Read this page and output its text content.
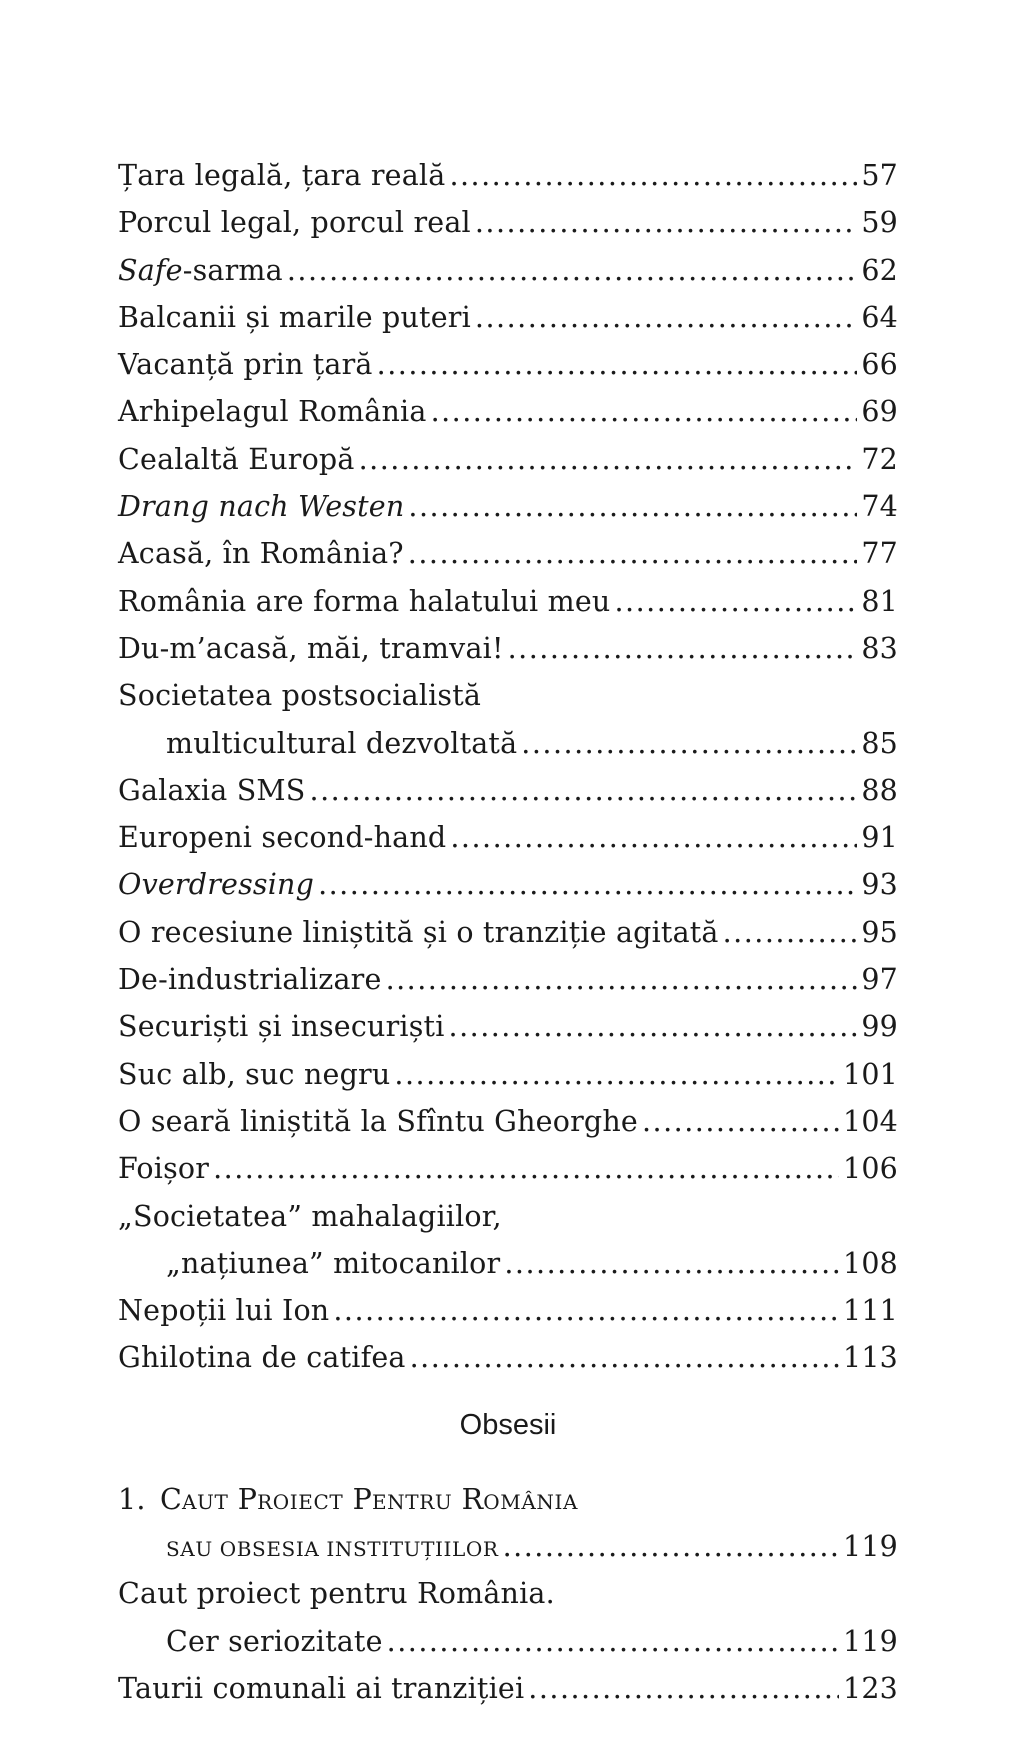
Țara legală, țara reală .....	57
Porcul legal, porcul real .....	59
Safe-sarma .....	62
Balcanii și marile puteri .....	64
Vacanță prin țară .....	66
Arhipelagul România .....	69
Cealaltă Europă .....	72
Drang nach Westen .....	74
Acasă, în România? .....	77
România are forma halatului meu .....	81
Du-m’acasă, măi, tramvai! .....	83
Societatea postsocialistă
multicultural dezvoltată .....	85
Galaxia SMS .....	88
Europeni second-hand .....	91
Overdressing .....	93
O recesiune liniștită și o tranziție agitată .....	95
De-industrializare .....	97
Securiști și insecuriști .....	99
Suc alb, suc negru .....	101
O seară liniștită la Sfîntu Gheorghe .....	104
Foișor .....	106
„Societatea” mahalagiilor,
„națiunea” mitocanilor .....	108
Nepoții lui Ion .....	111
Ghilotina de catifea .....	113
Obsesii
1. CAUT PROIECT PENTRU ROMÂNIA
SAU OBSESIA INSTITUȚIILOR .....	119
Caut proiect pentru România.
Cer seriozitate .....	119
Taurii comunali ai tranziției .....	123
